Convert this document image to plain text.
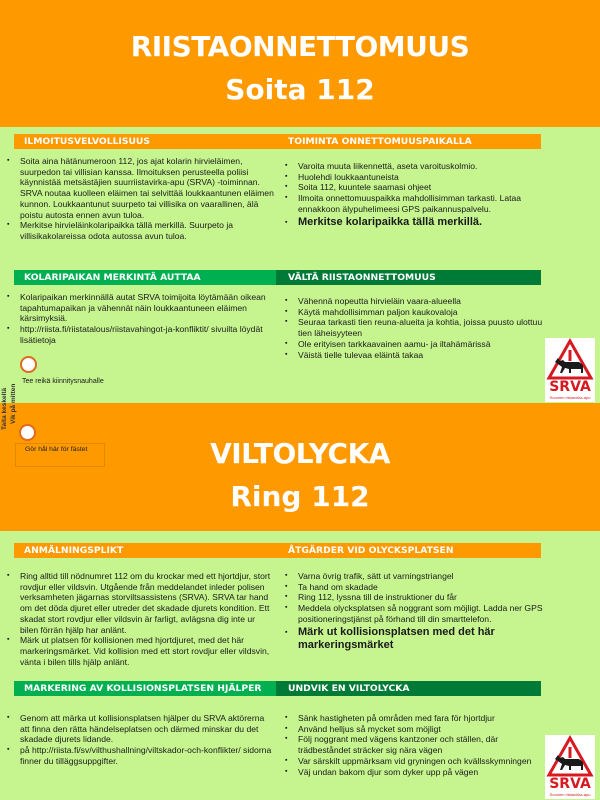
RIISTAONNETTOMUUS
Soita 112
ILMOITUSVELVOLLISUUS	TOIMINTA ONNETTOMUUSPAIKALLA
▪ Soita aina hätänumeroon 112, jos ajat kolarin hirvieläimen, suurpedon tai villisian kanssa. Ilmoituksen perusteella poliisi käynnistää metsästäjien suurriistavirka-apu (SRVA) -toiminnan. SRVA noutaa kuolleen eläimen tai selvittää loukkaantunen eläimen kunnon. Loukkaantunut suurpeto tai villisika on vaarallinen, älä poistu autosta ennen avun tuloa.
▪ Merkitse hirvieläinkolaripaikka tällä merkillä. Suurpeto ja villisikakolareissa odota autossa avun tuloa.
▪ Varoita muuta liikennettä, aseta varoituskolmio.
▪ Huolehdi loukkaantuneista
▪ Soita 112, kuuntele saamasi ohjeet
▪ Ilmoita onnettomuuspaikka mahdollisimman tarkasti. Lataa ennakkoon älypuhelimeesi GPS paikannuspalvelu.
▪ Merkitse kolaripaikka tällä merkillä.
KOLARIPAIKAN MERKINTÄ AUTTAA	VÄLTÄ RIISTAONNETTOMUUS
▪ Kolaripaikan merkinnällä autat SRVA toimijoita löytämään oikean tapahtumapaikan ja vähennät näin loukkaantuneen eläimen kärsimyksiä.
▪ http://riista.fi/riistatalous/riistavahingot-ja-konfliktit/ sivuilta löydät lisätietoja
▪ Vähennä nopeutta hirvieläin vaara-alueella
▪ Käytä mahdollisimman paljon kaukovaloja
▪ Seuraa tarkasti tien reuna-alueita ja kohtia, joissa puusto ulottuu tien läheisyyteen
▪ Ole erityisen tarkkaavainen aamu- ja iltahämärissä
▪ Väistä tielle tulevaa eläintä takaa
SRVA
Suomen riistavirka-apu
Tee reikä kiinnitysnauhalle
VILTOLYCKA
Ring 112
Taita keskeltä Vik på mitten
Gör hål här för fästet
ANMÄLNINGSPLIKT	ÅTGÄRDER VID OLYCKSPLATSEN
▪ Ring alltid till nödnumret 112 om du krockar med ett hjortdjur, stort rovdjur eller vildsvin. Utgående från meddelandet inleder polisen verksamheten jägarnas storviltsassistens (SRVA). SRVA tar hand om det döda djuret eller utreder det skadade djurets kondition. Ett skadat stort rovdjur eller vildsvin är farligt, avlägsna dig inte ur bilen förrän hjälp har anlänt.
▪ Märk ut platsen för kollisionen med hjortdjuret, med det här markeringsmärket. Vid kollision med ett stort rovdjur eller vildsvin, vänta i bilen tills hjälp anlänt.
▪ Varna övrig trafik, sätt ut varningstriangel
▪ Ta hand om skadade
▪ Ring 112, lyssna till de instruktioner du får
▪ Meddela olycksplatsen så noggrant som möjligt. Ladda ner GPS positioneringstjänst på förhand till din smarttelefon.
▪ Märk ut kollisionsplatsen med det här markeringsmärket
MARKERING AV KOLLISIONSPLATSEN HJÄLPER	UNDVIK EN VILTOLYCKA
▪ Genom att märka ut kollisionsplatsen hjälper du SRVA aktörerna att finna den rätta händelseplatsen och därmed minskar du det skadade djurets lidande.
▪ på http://riista.fi/sv/vilthushallning/viltskador-och-konflikter/ sidorna finner du tilläggsuppgifter.
▪ Sänk hastigheten på områden med fara för hjortdjur
▪ Använd helljus så mycket som möjligt
▪ Följ noggrant med vägens kantzoner och ställen, där trädbeståndet sträcker sig nära vägen
▪ Var särskilt uppmärksam vid gryningen och kvällsskymningen
▪ Väj undan bakom djur som dyker upp på vägen
SRVA
Suomen riistavirka-apu
